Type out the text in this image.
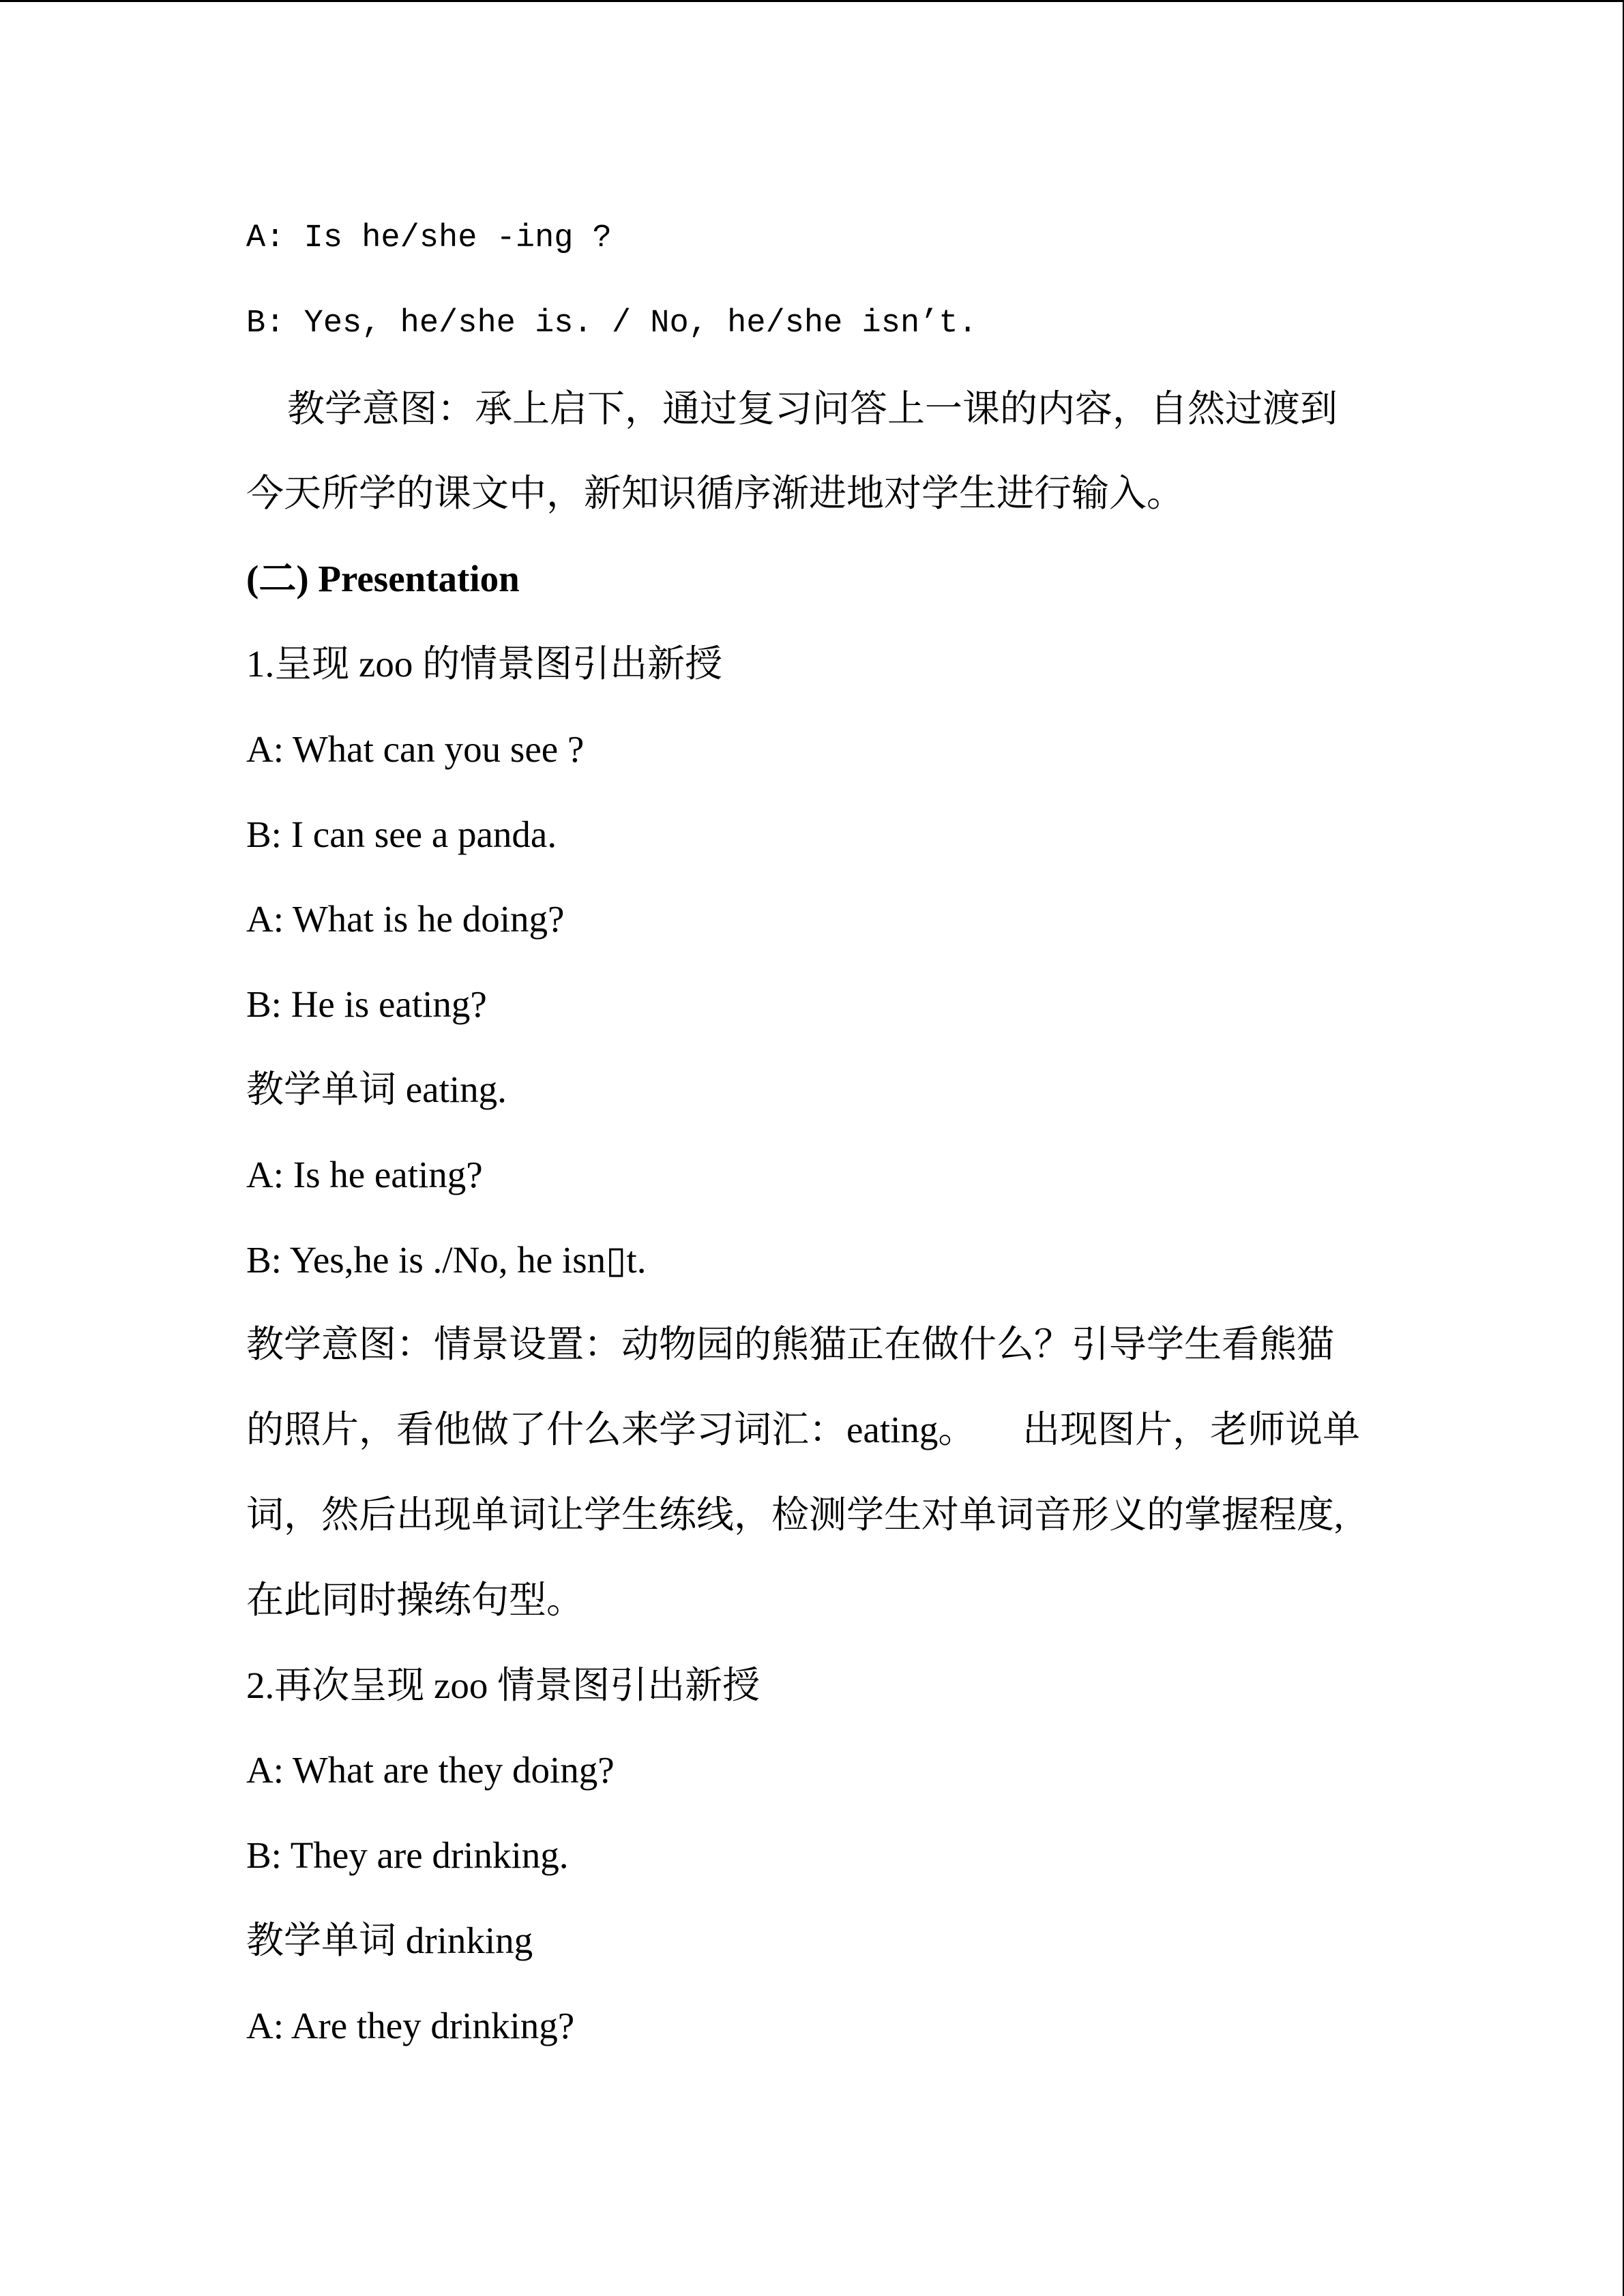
A: Is he/she -ing ?
B: Yes, he/she is. / No, he/she isn’t.
教学意图：承上启下，通过复习问答上一课的内容，自然过渡到
今天所学的课文中，新知识循序渐进地对学生进行输入。
(二) Presentation
1.呈现 zoo 的情景图引出新授
A: What can you see ?
B: I can see a panda.
A: What is he doing?
B: He is eating?
教学单词 eating.
A: Is he eating?
B: Yes,he is ./No, he isn▯t.
教学意图：情景设置：动物园的熊猫正在做什么？引导学生看熊猫
的照片，看他做了什么来学习词汇：eating。     出现图片，老师说单
词，然后出现单词让学生练线，检测学生对单词音形义的掌握程度,
在此同时操练句型。
2.再次呈现 zoo 情景图引出新授
A: What are they doing?
B: They are drinking.
教学单词 drinking
A: Are they drinking?
